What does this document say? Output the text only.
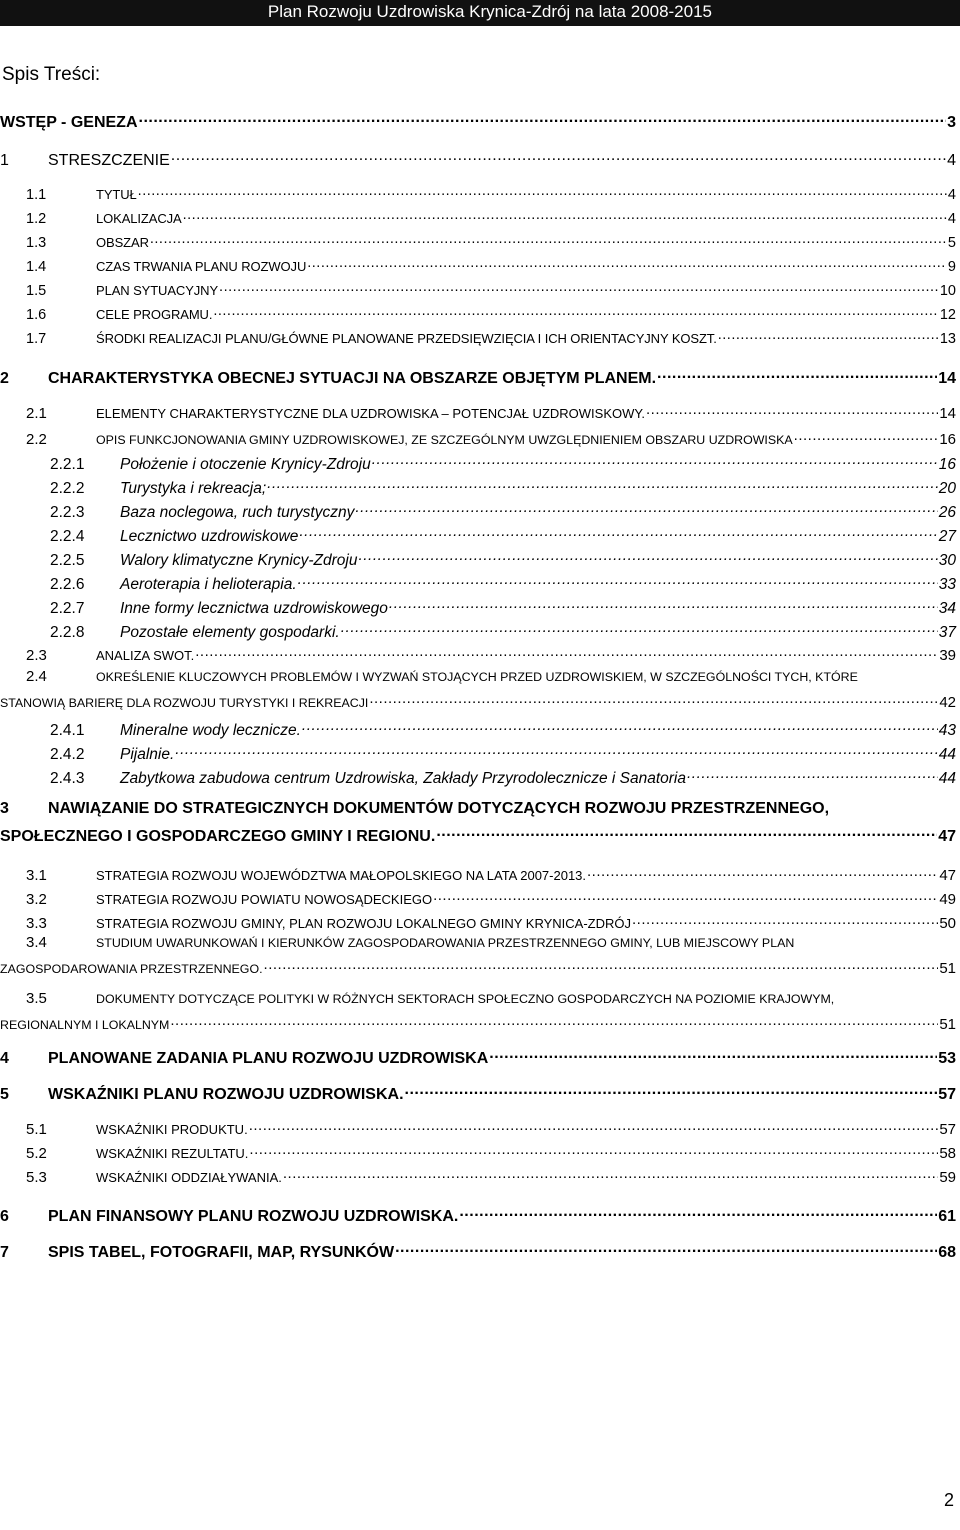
Plan Rozwoju Uzdrowiska Krynica-Zdrój na lata 2008-2015
Spis Treści:
WSTĘP - GENEZA .....	3
1	STRESZCZENIE .....	4
1.1	TYTUŁ .....	4
1.2	LOKALIZACJA .....	4
1.3	OBSZAR .....	5
1.4	CZAS TRWANIA PLANU ROZWOJU .....	9
1.5	PLAN SYTUACYJNY .....	10
1.6	CELE PROGRAMU. .....	12
1.7	ŚRODKI REALIZACJI PLANU/GŁÓWNE PLANOWANE PRZEDSIĘWZIĘCIA I ICH ORIENTACYJNY KOSZT. .....	13
2	CHARAKTERYSTYKA OBECNEJ SYTUACJI NA OBSZARZE OBJĘTYM PLANEM. .....	14
2.1	ELEMENTY CHARAKTERYSTYCZNE DLA UZDROWISKA – POTENCJAŁ UZDROWISKOWY. .....	14
2.2	OPIS FUNKCJONOWANIA GMINY UZDROWISKOWEJ, ZE SZCZEGÓLNYM UWZGLĘDNIENIEM OBSZARU UZDROWISKA .....	16
2.2.1	Położenie i otoczenie Krynicy-Zdroju .....	16
2.2.2	Turystyka i rekreacja; .....	20
2.2.3	Baza noclegowa, ruch turystyczny .....	26
2.2.4	Lecznictwo uzdrowiskowe .....	27
2.2.5	Walory klimatyczne Krynicy-Zdroju .....	30
2.2.6	Aeroterapia i helioterapia. .....	33
2.2.7	Inne formy lecznictwa uzdrowiskowego .....	34
2.2.8	Pozostałe elementy gospodarki. .....	37
2.3	ANALIZA SWOT. .....	39
2.4	OKREŚLENIE KLUCZOWYCH PROBLEMÓW I WYZWAŃ STOJĄCYCH PRZED UZDROWISKIEM, W SZCZEGÓLNOŚCI TYCH, KTÓRE
STANOWIĄ BARIERĘ DLA ROZWOJU TURYSTYKI I REKREACJI .....	42
2.4.1	Mineralne wody lecznicze. .....	43
2.4.2	Pijalnie. .....	44
2.4.3	Zabytkowa zabudowa centrum Uzdrowiska, Zakłady Przyrodolecznicze i Sanatoria .....	44
3	NAWIĄZANIE DO STRATEGICZNYCH DOKUMENTÓW DOTYCZĄCYCH ROZWOJU PRZESTRZENNEGO,
SPOŁECZNEGO I GOSPODARCZEGO GMINY I REGIONU. .....	47
3.1	STRATEGIA ROZWOJU WOJEWÓDZTWA MAŁOPOLSKIEGO NA LATA 2007-2013. .....	47
3.2	STRATEGIA ROZWOJU POWIATU NOWOSĄDECKIEGO .....	49
3.3	STRATEGIA ROZWOJU GMINY, PLAN ROZWOJU LOKALNEGO GMINY KRYNICA-ZDRÓJ .....	50
3.4	STUDIUM UWARUNKOWAŃ I KIERUNKÓW ZAGOSPODAROWANIA PRZESTRZENNEGO GMINY, LUB MIEJSCOWY PLAN
ZAGOSPODAROWANIA PRZESTRZENNEGO. .....	51
3.5	DOKUMENTY DOTYCZĄCE POLITYKI W RÓŻNYCH SEKTORACH SPOŁECZNO GOSPODARCZYCH NA POZIOMIE KRAJOWYM,
REGIONALNYM I LOKALNYM .....	51
4	PLANOWANE ZADANIA PLANU ROZWOJU UZDROWISKA .....	53
5	WSKAŹNIKI PLANU ROZWOJU UZDROWISKA. .....	57
5.1	WSKAŹNIKI PRODUKTU. .....	57
5.2	WSKAŹNIKI REZULTATU. .....	58
5.3	WSKAŹNIKI ODDZIAŁYWANIA. .....	59
6	PLAN FINANSOWY PLANU ROZWOJU UZDROWISKA. .....	61
7	SPIS TABEL, FOTOGRAFII, MAP, RYSUNKÓW .....	68
2
